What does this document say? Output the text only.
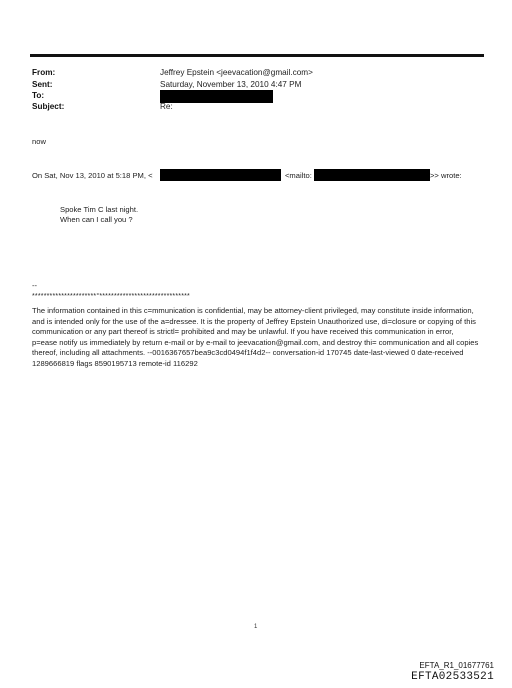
From:	Jeffrey Epstein <jeevacation@gmail.com>
Sent:	Saturday, November 13, 2010 4:47 PM
To:
Subject:	Re:
now
On Sat, Nov 13, 2010 at 5:18 PM, <	<mailto:	>> wrote:
Spoke Tim C last night.
When can I call you ?
--
**********************°*******************************
The information contained in this c=mmunication is confidential, may be attorney-client privileged, may constitute inside information, and is intended only for the use of the a=dressee. It is the property of Jeffrey Epstein Unauthorized use, di=closure or copying of this communication or any part thereof is strictl= prohibited and may be unlawful. If you have received this communication in error, p=ease notify us immediately by return e-mail or by e-mail to jeevacation@gmail.com, and destroy thi= communication and all copies thereof, including all attachments. --0016367657bea9c3cd0494f1f4d2-- conversation-id 170745 date-last-viewed 0 date-received 1289666819 flags 8590195713 remote-id 116292
1
EFTA_R1_01677761
EFTA02533521
